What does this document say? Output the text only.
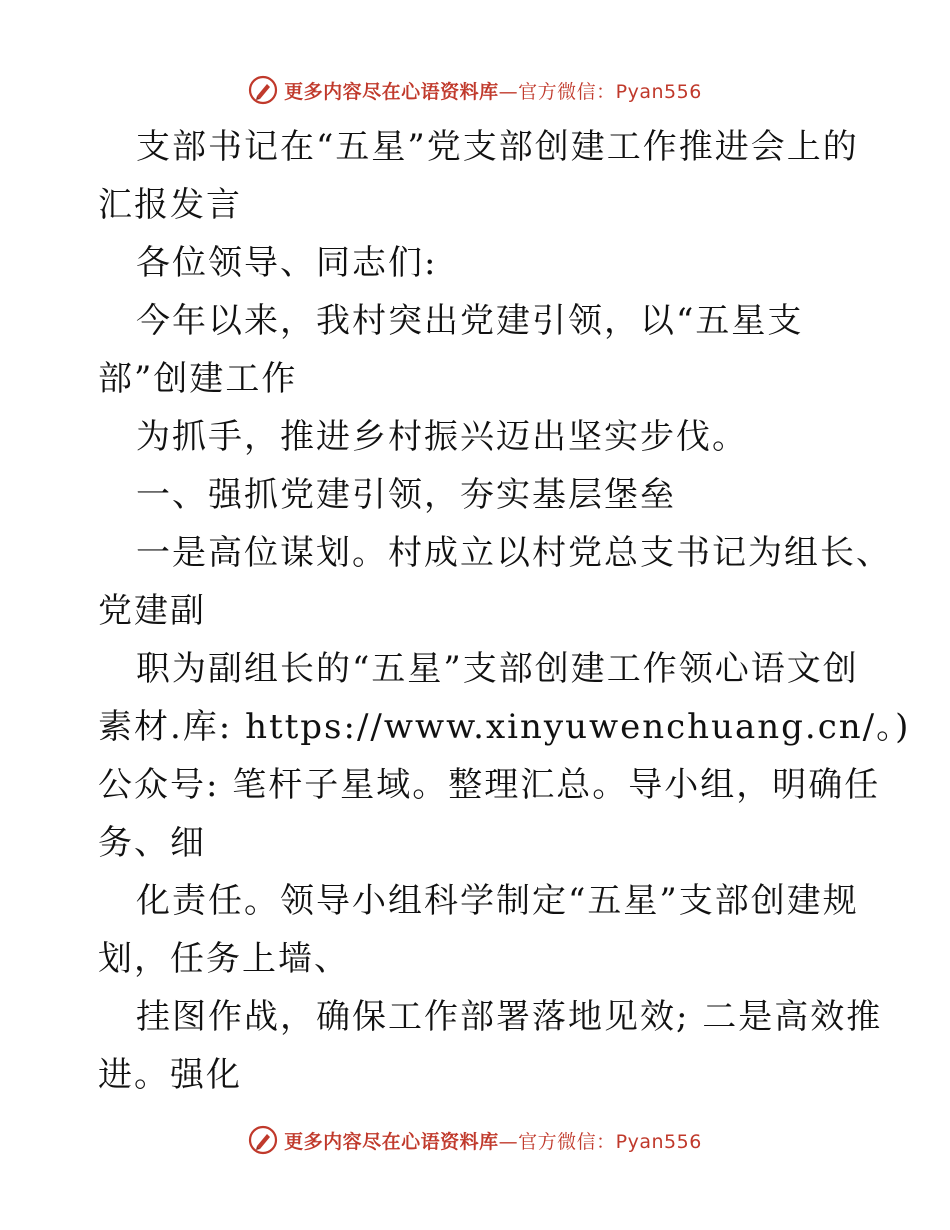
更多内容尽在心语资料库—官方微信：Pyan556
支部书记在“五星”党支部创建工作推进会上的
汇报发言
各位领导、同志们:
今年以来，我村突出党建引领，以“五星支
部”创建工作
为抓手，推进乡村振兴迈出坚实步伐。
一、强抓党建引领，夯实基层堡垒
一是高位谋划。村成立以村党总支书记为组长、
党建副
职为副组长的“五星”支部创建工作领心语文创
素材.库: https://www.xinyuwenchuang.cn/。)
公众号: 笔杆子星域。整理汇总。导小组，明确任
务、细
化责任。领导小组科学制定“五星”支部创建规
划，任务上墙、
挂图作战，确保工作部署落地见效; 二是高效推
进。强化
更多内容尽在心语资料库—官方微信：Pyan556
